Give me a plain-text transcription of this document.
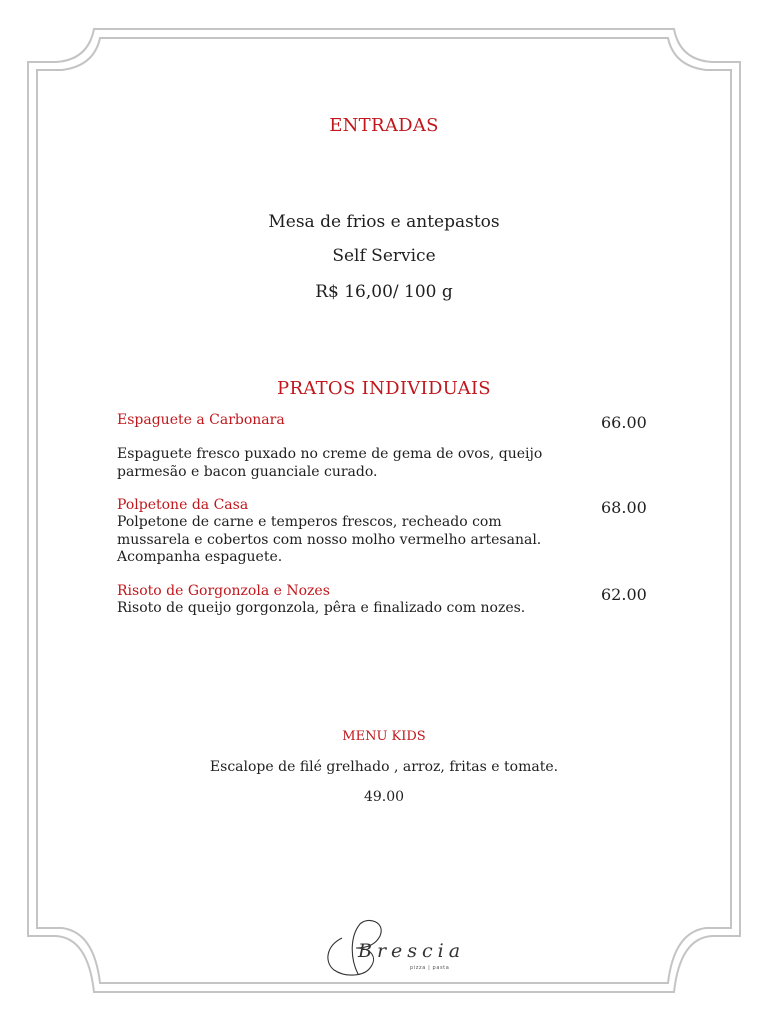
ENTRADAS
Mesa de frios e antepastos
Self Service
R$ 16,00/ 100 g
PRATOS INDIVIDUAIS
Espaguete a Carbonara	66.00
Espaguete fresco puxado no creme de gema de ovos, queijo
parmesão e bacon guanciale curado.
Polpetone da Casa	68.00
Polpetone de carne e temperos frescos, recheado com
mussarela e cobertos com nosso molho vermelho artesanal.
Acompanha espaguete.
Risoto de Gorgonzola e Nozes	62.00
Risoto de queijo gorgonzola, pêra e finalizado com nozes.
MENU KIDS
Escalope de filé grelhado , arroz, fritas e tomate.
49.00
Brescia
pizza | pasta
